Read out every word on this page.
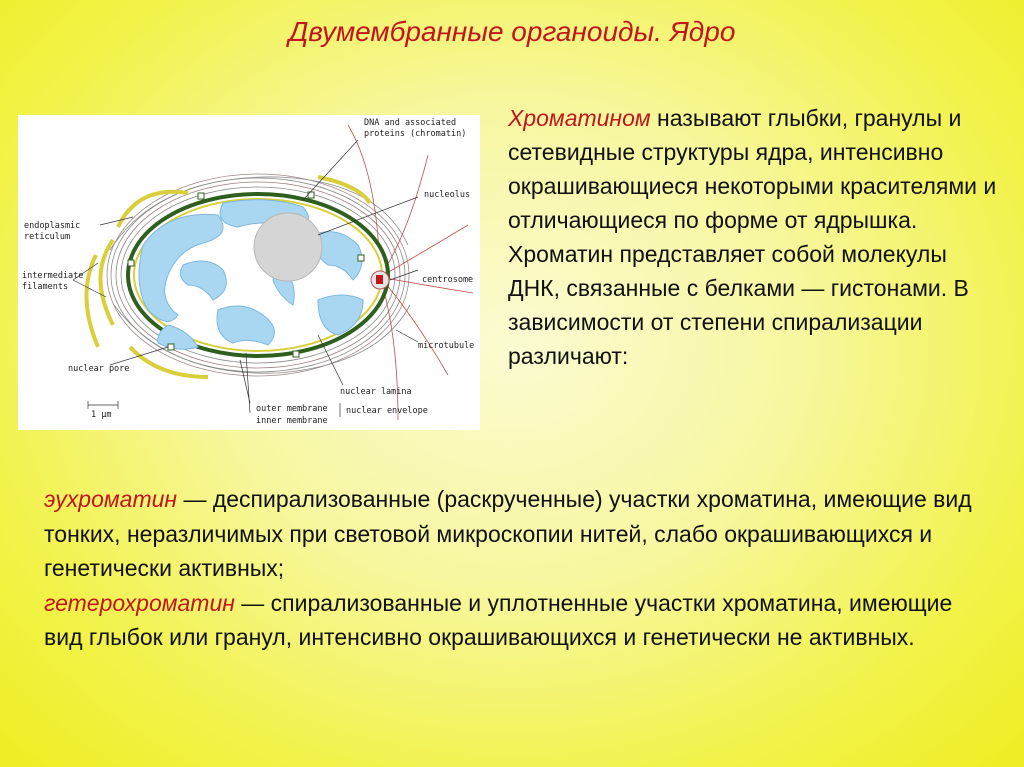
Двумембранные органоиды. Ядро
DNA and associated
proteins (chromatin)
nucleolus
endoplasmic
reticulum
intermediate
filaments
centrosome
microtubule
nuclear pore
nuclear lamina
1 µm
outer membrane
inner membrane
nuclear envelope
Хроматином называют глыбки, гранулы и сетевидные структуры ядра, интенсивно окрашивающиеся некоторыми красителями и отличающиеся по форме от ядрышка. Хроматин представляет собой молекулы ДНК, связанные с белками — гистонами. В зависимости от степени спирализации различают:
эухроматин — деспирализованные (раскрученные) участки хроматина, имеющие вид тонких, неразличимых при световой микроскопии нитей, слабо окрашивающихся и генетически активных;
гетерохроматин — спирализованные и уплотненные участки хроматина, имеющие вид глыбок или гранул, интенсивно окрашивающихся и генетически не активных.
